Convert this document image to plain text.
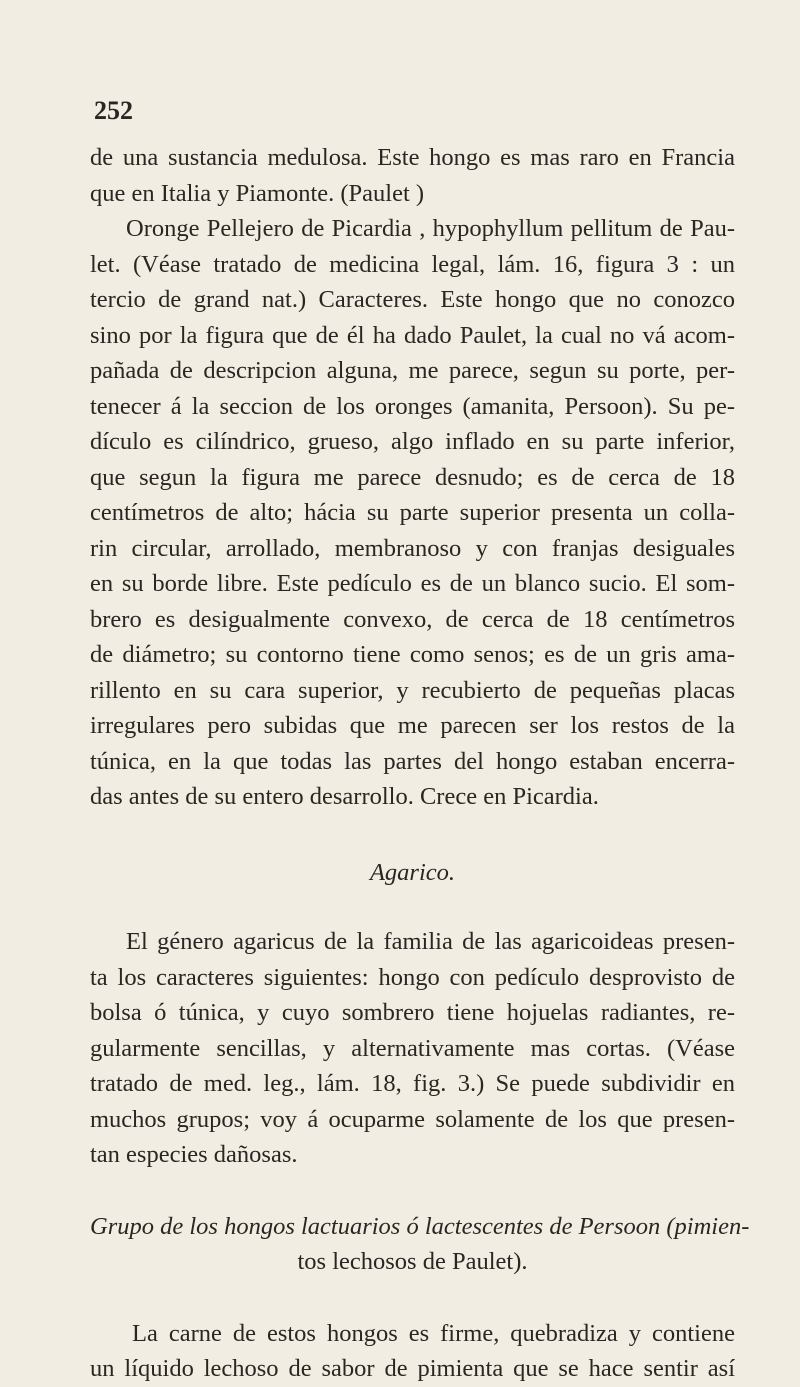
252
de una sustancia medulosa. Este hongo es mas raro en Francia
que en Italia y Piamonte. (Paulet )
Oronge Pellejero de Picardia , hypophyllum pellitum de Pau-
let. (Véase tratado de medicina legal, lám. 16, figura 3 : un
tercio de grand nat.) Caracteres. Este hongo que no conozco
sino por la figura que de él ha dado Paulet, la cual no vá acom-
pañada de descripcion alguna, me parece, segun su porte, per-
tenecer á la seccion de los oronges (amanita, Persoon). Su pe-
dículo es cilíndrico, grueso, algo inflado en su parte inferior,
que segun la figura me parece desnudo; es de cerca de 18
centímetros de alto; hácia su parte superior presenta un colla-
rin circular, arrollado, membranoso y con franjas desiguales
en su borde libre. Este pedículo es de un blanco sucio. El som-
brero es desigualmente convexo, de cerca de 18 centímetros
de diámetro; su contorno tiene como senos; es de un gris ama-
rillento en su cara superior, y recubierto de pequeñas placas
irregulares pero subidas que me parecen ser los restos de la
túnica, en la que todas las partes del hongo estaban encerra-
das antes de su entero desarrollo. Crece en Picardia.
Agarico.
El género agaricus de la familia de las agaricoideas presen-
ta los caracteres siguientes: hongo con pedículo desprovisto de
bolsa ó túnica, y cuyo sombrero tiene hojuelas radiantes, re-
gularmente sencillas, y alternativamente mas cortas. (Véase
tratado de med. leg., lám. 18, fig. 3.) Se puede subdividir en
muchos grupos; voy á ocuparme solamente de los que presen-
tan especies dañosas.
Grupo de los hongos lactuarios ó lactescentes de Persoon (pimien-
tos lechosos de Paulet).
La carne de estos hongos es firme, quebradiza y contiene
un líquido lechoso de sabor de pimienta que se hace sentir así
